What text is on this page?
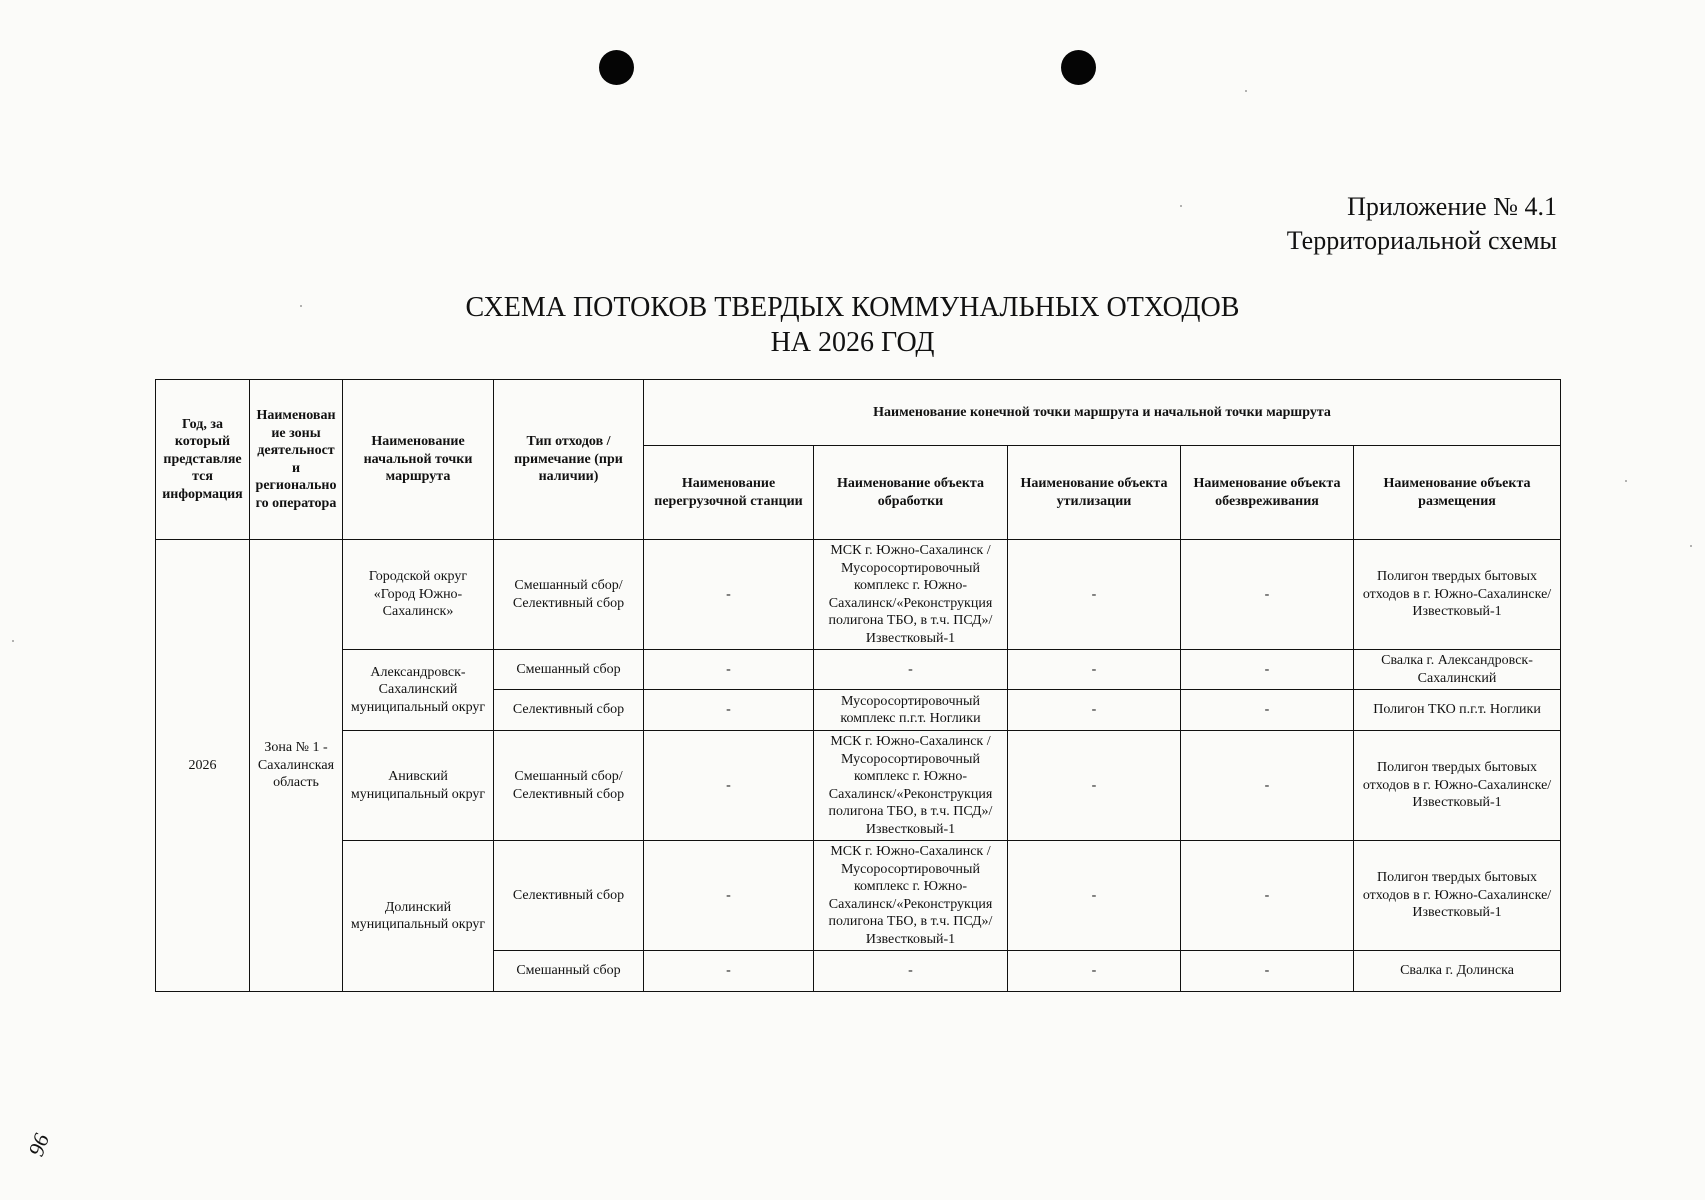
Приложение № 4.1
Территориальной схемы
СХЕМА ПОТОКОВ ТВЕРДЫХ КОММУНАЛЬНЫХ ОТХОДОВ
НА 2026 ГОД
Год, за который представляется информация	Наименование зоны деятельности регионального оператора	Наименование начальной точки маршрута	Тип отходов / примечание (при наличии)	Наименование конечной точки маршрута и начальной точки маршрута				
				Наименование перегрузочной станции	Наименование объекта обработки	Наименование объекта утилизации	Наименование объекта обезвреживания	Наименование объекта размещения
2026	Зона № 1 - Сахалинская область	Городской округ «Город Южно-Сахалинск»	Смешанный сбор/ Селективный сбор	-	МСК г. Южно-Сахалинск / Мусоросортировочный комплекс г. Южно-Сахалинск/«Реконструкция полигона ТБО, в т.ч. ПСД»/Известковый-1	-	-	Полигон твердых бытовых отходов в г. Южно-Сахалинске/Известковый-1
		Александровск-Сахалинский муниципальный округ	Смешанный сбор	-	-	-	-	Свалка г. Александровск-Сахалинский
			Селективный сбор	-	Мусоросортировочный комплекс п.г.т. Ноглики	-	-	Полигон ТКО п.г.т. Ноглики
		Анивский муниципальный округ	Смешанный сбор/ Селективный сбор	-	МСК г. Южно-Сахалинск / Мусоросортировочный комплекс г. Южно-Сахалинск/«Реконструкция полигона ТБО, в т.ч. ПСД»/Известковый-1	-	-	Полигон твердых бытовых отходов в г. Южно-Сахалинске/Известковый-1
		Долинский муниципальный округ	Селективный сбор	-	МСК г. Южно-Сахалинск / Мусоросортировочный комплекс г. Южно-Сахалинск/«Реконструкция полигона ТБО, в т.ч. ПСД»/Известковый-1	-	-	Полигон твердых бытовых отходов в г. Южно-Сахалинске/Известковый-1
			Смешанный сбор	-	-	-	-	Свалка г. Долинска
96
